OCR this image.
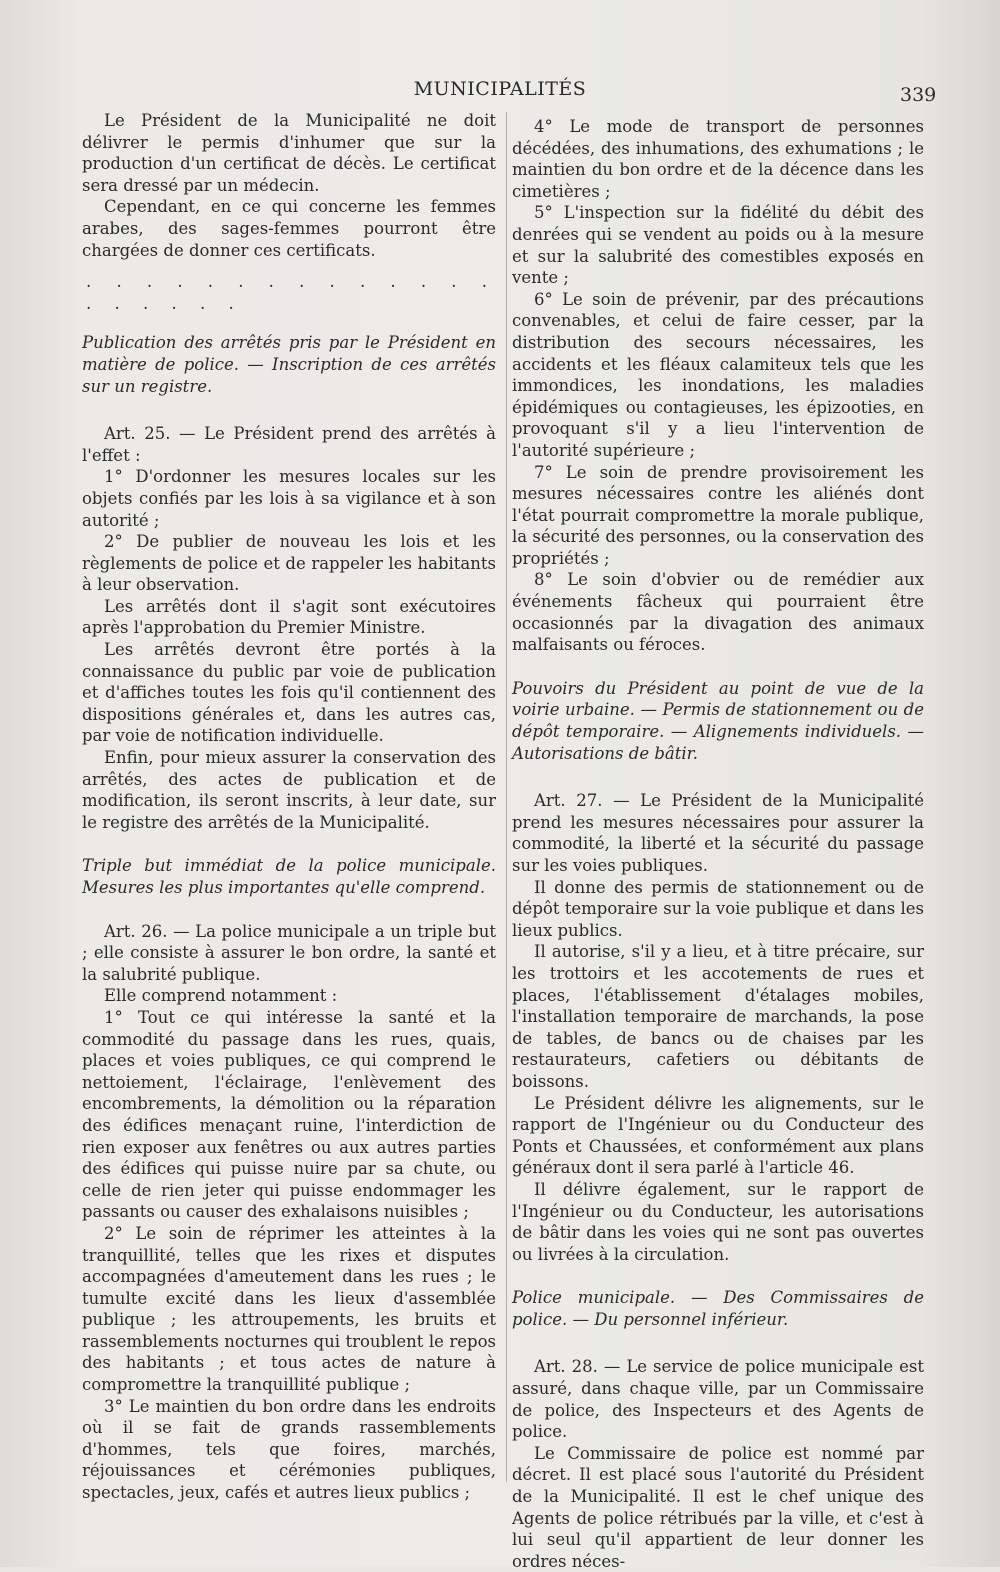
MUNICIPALITÉS	339

Le Président de la Municipalité ne doit délivrer le permis d'inhumer que sur la production d'un certificat de décès. Le certificat sera dressé par un médecin.

Cependant, en ce qui concerne les femmes arabes, des sages-femmes pourront être chargées de donner ces certificats.

. . . . . . . . . . . . . . . . . . . .

Publication des arrêtés pris par le Président en matière de police. — Inscription de ces arrêtés sur un registre.

Art. 25. — Le Président prend des arrêtés à l'effet :

1° D'ordonner les mesures locales sur les objets confiés par les lois à sa vigilance et à son autorité ;

2° De publier de nouveau les lois et les règlements de police et de rappeler les habitants à leur observation.

Les arrêtés dont il s'agit sont exécutoires après l'approbation du Premier Ministre.

Les arrêtés devront être portés à la connaissance du public par voie de publication et d'affiches toutes les fois qu'il contiennent des dispositions générales et, dans les autres cas, par voie de notification individuelle.

Enfin, pour mieux assurer la conservation des arrêtés, des actes de publication et de modification, ils seront inscrits, à leur date, sur le registre des arrêtés de la Municipalité.

Triple but immédiat de la police municipale. Mesures les plus importantes qu'elle comprend.

Art. 26. — La police municipale a un triple but ; elle consiste à assurer le bon ordre, la santé et la salubrité publique.

Elle comprend notamment :

1° Tout ce qui intéresse la santé et la commodité du passage dans les rues, quais, places et voies publiques, ce qui comprend le nettoiement, l'éclairage, l'enlèvement des encombrements, la démolition ou la réparation des édifices menaçant ruine, l'interdiction de rien exposer aux fenêtres ou aux autres parties des édifices qui puisse nuire par sa chute, ou celle de rien jeter qui puisse endommager les passants ou causer des exhalaisons nuisibles ;

2° Le soin de réprimer les atteintes à la tranquillité, telles que les rixes et disputes accompagnées d'ameutement dans les rues ; le tumulte excité dans les lieux d'assemblée publique ; les attroupements, les bruits et rassemblements nocturnes qui troublent le repos des habitants ; et tous actes de nature à compromettre la tranquillité publique ;

3° Le maintien du bon ordre dans les endroits où il se fait de grands rassemblements d'hommes, tels que foires, marchés, réjouissances et cérémonies publiques, spectacles, jeux, cafés et autres lieux publics ;

4° Le mode de transport de personnes décédées, des inhumations, des exhumations ; le maintien du bon ordre et de la décence dans les cimetières ;

5° L'inspection sur la fidélité du débit des denrées qui se vendent au poids ou à la mesure et sur la salubrité des comestibles exposés en vente ;

6° Le soin de prévenir, par des précautions convenables, et celui de faire cesser, par la distribution des secours nécessaires, les accidents et les fléaux calamiteux tels que les immondices, les inondations, les maladies épidémiques ou contagieuses, les épizooties, en provoquant s'il y a lieu l'intervention de l'autorité supérieure ;

7° Le soin de prendre provisoirement les mesures nécessaires contre les aliénés dont l'état pourrait compromettre la morale publique, la sécurité des personnes, ou la conservation des propriétés ;

8° Le soin d'obvier ou de remédier aux événements fâcheux qui pourraient être occasionnés par la divagation des animaux malfaisants ou féroces.

Pouvoirs du Président au point de vue de la voirie urbaine. — Permis de stationnement ou de dépôt temporaire. — Alignements individuels. — Autorisations de bâtir.

Art. 27. — Le Président de la Municipalité prend les mesures nécessaires pour assurer la commodité, la liberté et la sécurité du passage sur les voies publiques.

Il donne des permis de stationnement ou de dépôt temporaire sur la voie publique et dans les lieux publics.

Il autorise, s'il y a lieu, et à titre précaire, sur les trottoirs et les accotements de rues et places, l'établissement d'étalages mobiles, l'installation temporaire de marchands, la pose de tables, de bancs ou de chaises par les restaurateurs, cafetiers ou débitants de boissons.

Le Président délivre les alignements, sur le rapport de l'Ingénieur ou du Conducteur des Ponts et Chaussées, et conformément aux plans généraux dont il sera parlé à l'article 46.

Il délivre également, sur le rapport de l'Ingénieur ou du Conducteur, les autorisations de bâtir dans les voies qui ne sont pas ouvertes ou livrées à la circulation.

Police municipale. — Des Commissaires de police. — Du personnel inférieur.

Art. 28. — Le service de police municipale est assuré, dans chaque ville, par un Commissaire de police, des Inspecteurs et des Agents de police.

Le Commissaire de police est nommé par décret. Il est placé sous l'autorité du Président de la Municipalité. Il est le chef unique des Agents de police rétribués par la ville, et c'est à lui seul qu'il appartient de leur donner les ordres néces-
